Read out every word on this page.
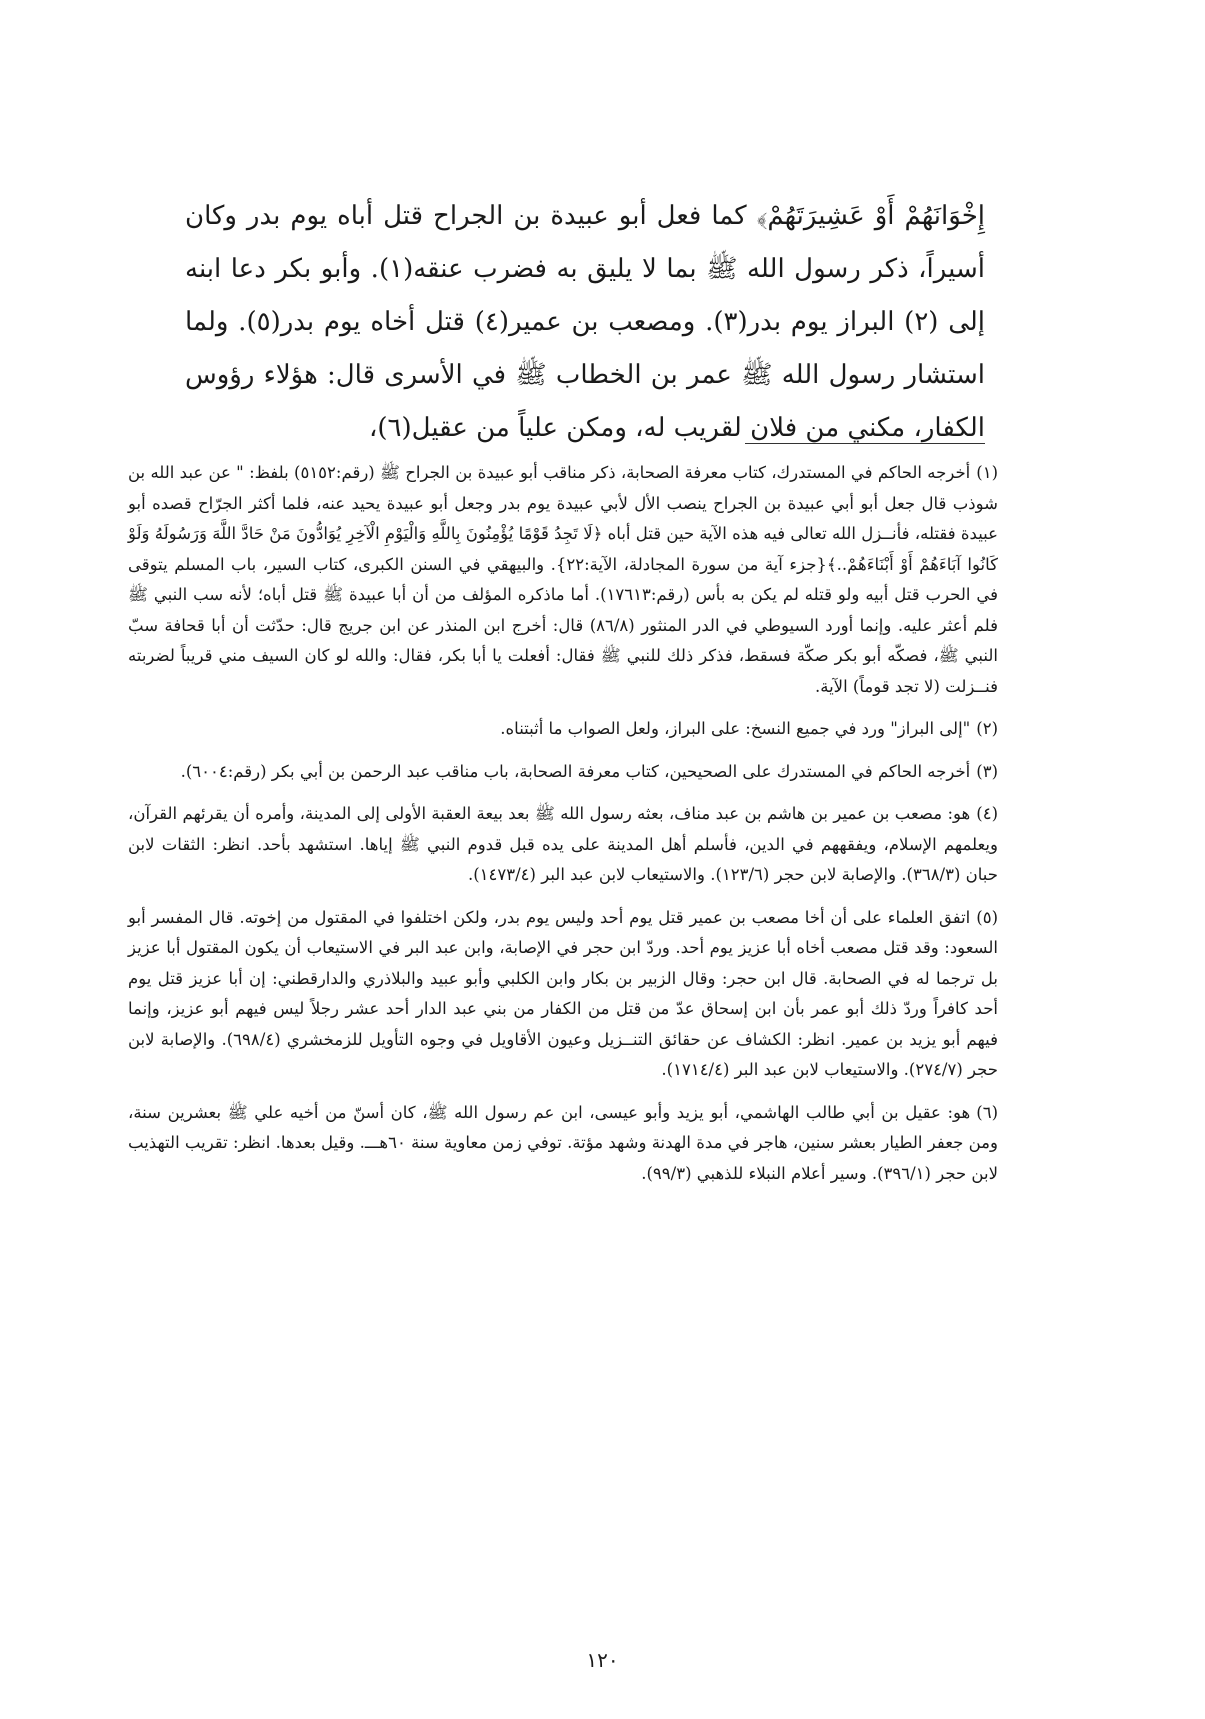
إِخْوَانَهُمْ أَوْ عَشِيرَتَهُمْ﴾ كما فعل أبو عبيدة بن الجراح قتل أباه يوم بدر وكان أسيراً، ذكر رسول الله ﷺ بما لا يليق به فضرب عنقه(١). وأبو بكر دعا ابنه إلى (٢) البراز يوم بدر(٣). ومصعب بن عمير(٤) قتل أخاه يوم بدر(٥). ولما استشار رسول الله ﷺ عمر بن الخطاب ﷺ في الأسرى قال: هؤلاء رؤوس الكفار، مكني من فلان لقريب له، ومكن علياً من عقيل(٦)،

(١)أخرجه الحاكم في المستدرك، كتاب معرفة الصحابة، ذكر مناقب أبو عبيدة بن الجراح ﷺ (رقم:٥١٥٢) بلفظ: " عن عبد الله بن شوذب قال جعل أبو أبي عبيدة بن الجراح ينصب الأل لأبي عبيدة يوم بدر وجعل أبو عبيدة يحيد عنه، فلما أكثر الجرّاح قصده أبو عبيدة فقتله، فأنــزل الله تعالى فيه هذه الآية حين قتل أباه ﴿لَا تَجِدُ قَوْمًا يُؤْمِنُونَ بِاللَّهِ وَالْيَوْمِ الْآخِرِ يُوَادُّونَ مَنْ حَادَّ اللَّهَ وَرَسُولَهُ وَلَوْ كَانُوا آبَاءَهُمْ أَوْ أَبْنَاءَهُمْ..﴾{جزء آية من سورة المجادلة، الآية:٢٢}. والبيهقي في السنن الكبرى، كتاب السير، باب المسلم يتوقى في الحرب قتل أبيه ولو قتله لم يكن به بأس (رقم:١٧٦١٣). أما ماذكره المؤلف من أن أبا عبيدة ﷺ قتل أباه؛ لأنه سب النبي ﷺ فلم أعثر عليه. وإنما أورد السيوطي في الدر المنثور (٨٦/٨) قال: أخرج ابن المنذر عن ابن جريج قال: حدّثت أن أبا قحافة سبّ النبي ﷺ، فصكّه أبو بكر صكّة فسقط، فذكر ذلك للنبي ﷺ فقال: أفعلت يا أبا بكر، فقال: والله لو كان السيف مني قريباً لضربته فنــزلت (لا تجد قوماً) الآية.

(٢)"إلى البراز" ورد في جميع النسخ: على البراز، ولعل الصواب ما أثبتناه.

(٣)أخرجه الحاكم في المستدرك على الصحيحين، كتاب معرفة الصحابة، باب مناقب عبد الرحمن بن أبي بكر (رقم:٦٠٠٤).

(٤)هو: مصعب بن عمير بن هاشم بن عبد مناف، بعثه رسول الله ﷺ بعد بيعة العقبة الأولى إلى المدينة، وأمره أن يقرئهم القرآن، ويعلمهم الإسلام، ويفقههم في الدين، فأسلم أهل المدينة على يده قبل قدوم النبي ﷺ إياها. استشهد بأحد. انظر: الثقات لابن حبان (٣٦٨/٣). والإصابة لابن حجر (١٢٣/٦). والاستيعاب لابن عبد البر (١٤٧٣/٤).

(٥)اتفق العلماء على أن أخا مصعب بن عمير قتل يوم أحد وليس يوم بدر، ولكن اختلفوا في المقتول من إخوته. قال المفسر أبو السعود: وقد قتل مصعب أخاه أبا عزيز يوم أحد. وردّ ابن حجر في الإصابة، وابن عبد البر في الاستيعاب أن يكون المقتول أبا عزيز بل ترجما له في الصحابة. قال ابن حجر: وقال الزبير بن بكار وابن الكلبي وأبو عبيد والبلاذري والدارقطني: إن أبا عزيز قتل يوم أحد كافراً وردّ ذلك أبو عمر بأن ابن إسحاق عدّ من قتل من الكفار من بني عبد الدار أحد عشر رجلاً ليس فيهم أبو عزيز، وإنما فيهم أبو يزيد بن عمير. انظر: الكشاف عن حقائق التنــزيل وعيون الأقاويل في وجوه التأويل للزمخشري (٦٩٨/٤). والإصابة لابن حجر (٢٧٤/٧). والاستيعاب لابن عبد البر (١٧١٤/٤).

(٦)هو: عقيل بن أبي طالب الهاشمي، أبو يزيد وأبو عيسى، ابن عم رسول الله ﷺ، كان أسنّ من أخيه علي ﷺ بعشرين سنة، ومن جعفر الطيار بعشر سنين، هاجر في مدة الهدنة وشهد مؤتة. توفي زمن معاوية سنة ٦٠هـــ. وقيل بعدها. انظر: تقريب التهذيب لابن حجر (٣٩٦/١). وسير أعلام النبلاء للذهبي (٩٩/٣).

١٢٠
